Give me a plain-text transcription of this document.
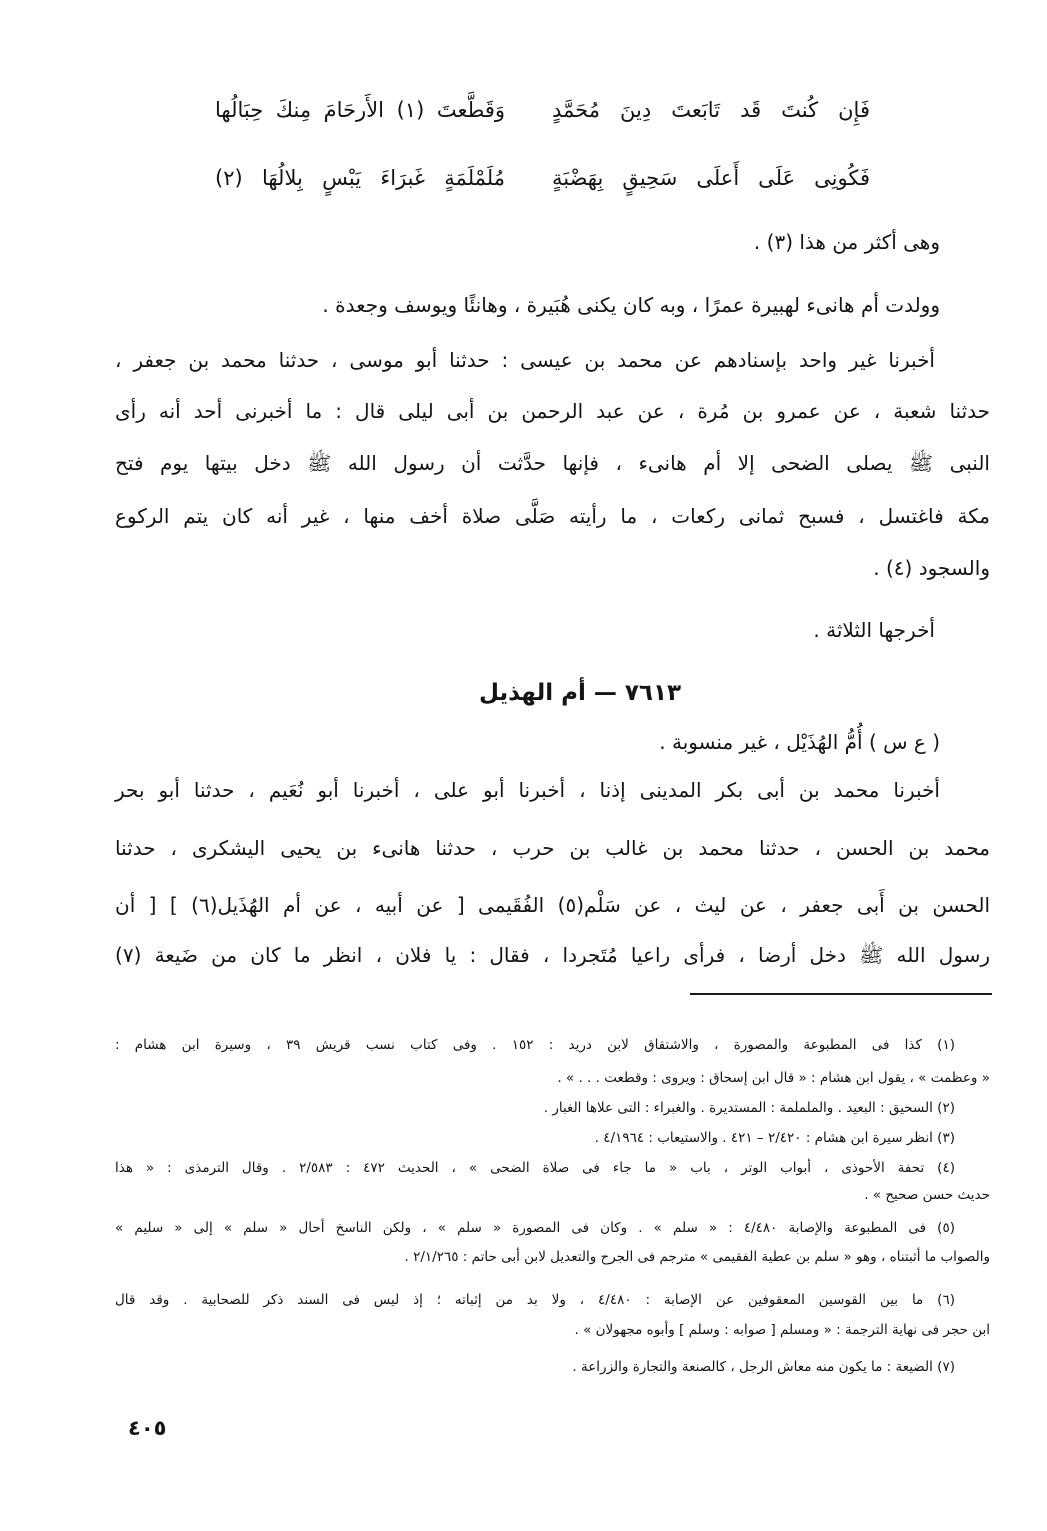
فَإِن كُنتَ قَد تَابَعتَ دِينَ مُحَمَّدٍ
وَقَطَّعتَ (١) الأَرحَامَ مِنكَ حِبَالُها
فَكُونِى عَلَى أَعلَى سَحِيقٍ بِهَضْبَةٍ
مُلَمْلَمَةٍ غَبرَاءَ يَبْسٍ بِلالُهَا (٢)
وهى أكثر من هذا (٣) .
وولدت أم هانىء لهبيرة عمرًا ، وبه كان يكنى هُبَيرة ، وهانئًا ويوسف وجعدة .
أخبرنا غير واحد بإسنادهم عن محمد بن عيسى : حدثنا أبو موسى ، حدثنا محمد بن جعفر ،
حدثنا شعبة ، عن عمرو بن مُرة ، عن عبد الرحمن بن أبى ليلى قال : ما أخبرنى أحد أنه رأى
النبى ﷺ يصلى الضحى إلا أم هانىء ، فإنها حدَّثت أن رسول الله ﷺ دخل بيتها يوم فتح
مكة فاغتسل ، فسبح ثمانى ركعات ، ما رأيته صَلَّى صلاة أخف منها ، غير أنه كان يتم الركوع
والسجود (٤) .
أخرجها الثلاثة .
٧٦١٣ — أم الهذيل
( ع س ) أُمُّ الهُذَيْل ، غير منسوبة .
أخبرنا محمد بن أبى بكر المدينى إذنا ، أخبرنا أبو على ، أخبرنا أبو نُعَيم ، حدثنا أبو بحر
محمد بن الحسن ، حدثنا محمد بن غالب بن حرب ، حدثنا هانىء بن يحيى اليشكرى ، حدثنا
الحسن بن أَبى جعفر ، عن ليث ، عن سَلْم(٥) الفُقَيمى [ عن أبيه ، عن أم الهُذَيل(٦) ] [ أن
رسول الله ﷺ دخل أرضا ، فرأى راعيا مُتَجردا ، فقال : يا فلان ، انظر ما كان من ضَيعة (٧)
(١) كذا فى المطبوعة والمصورة ، والاشتقاق لابن دريد : ١٥٢ . وفى كتاب نسب قريش ٣٩ ، وسيرة ابن هشام :
« وعظمت » ، يقول ابن هشام : « قال ابن إسحاق : ويروى : وقطعت . . . » .
(٢) السحيق : البعيد . والململمة : المستديرة . والغبراء : التى علاها الغبار .
(٣) انظر سيرة ابن هشام : ٢/٤٢٠ – ٤٢١ . والاستيعاب : ٤/١٩٦٤ .
(٤) تحفة الأحوذى ، أبواب الوتر ، باب « ما جاء فى صلاة الضحى » ، الحديث ٤٧٢ : ٢/٥٨٣ . وقال الترمذى : « هذا
حديث حسن صحيح » .
(٥) فى المطبوعة والإصابة ٤/٤٨٠ : « سلم » . وكان فى المصورة « سلم » ، ولكن الناسخ أحال « سلم » إلى « سليم »
والصواب ما أثبتناه ، وهو « سلم بن عطية الفقيمى » مترجم فى الجرح والتعديل لابن أبى حاتم : ٢/١/٢٦٥ .
(٦) ما بين القوسين المعقوفين عن الإصابة : ٤/٤٨٠ ، ولا بد من إثباته ؛ إذ ليس فى السند ذكر للصحابية . وقد قال
ابن حجر فى نهاية الترجمة : « ومسلم [ صوابه : وسلم ] وأبوه مجهولان » .
(٧) الضيعة : ما يكون منه معاش الرجل ، كالصنعة والتجارة والزراعة .
٤٠٥
